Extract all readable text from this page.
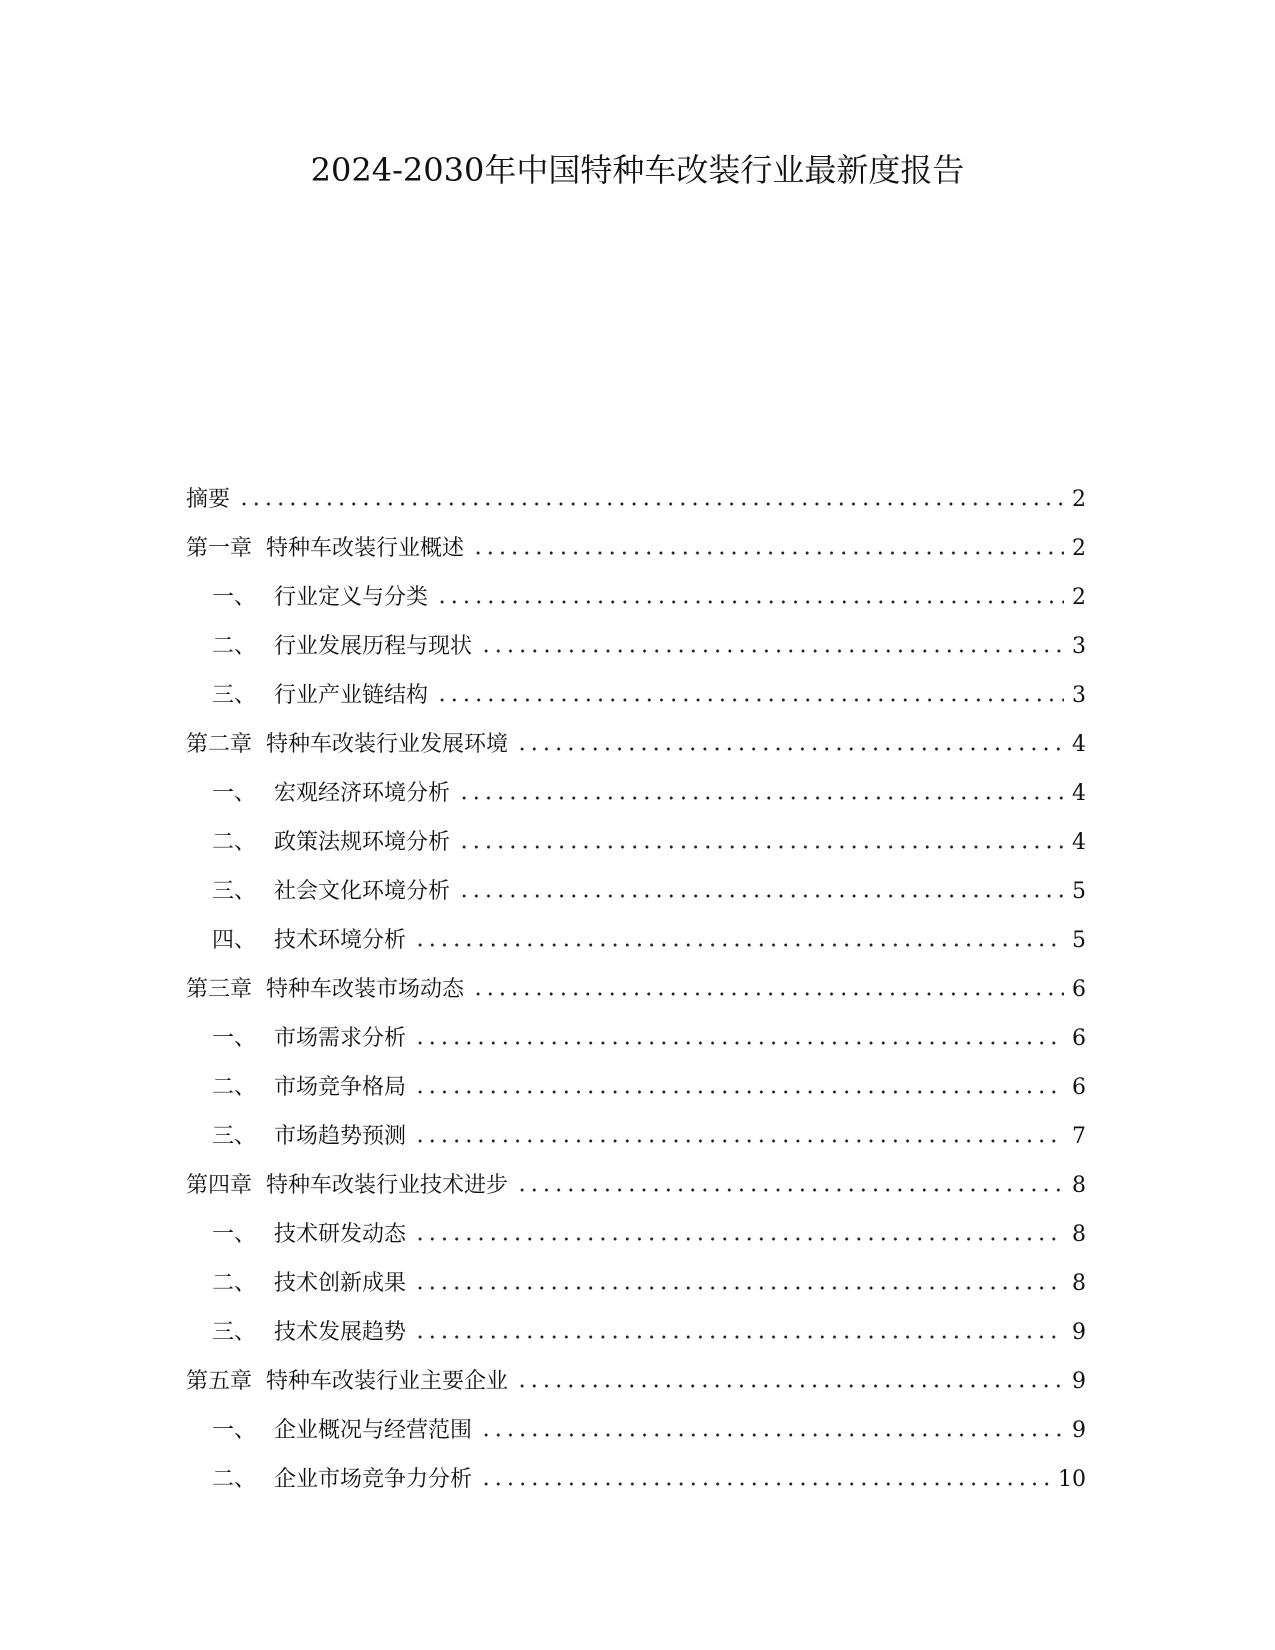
2024-2030年中国特种车改装行业最新度报告
摘要	2
第一章 特种车改装行业概述	2
一、 行业定义与分类	2
二、 行业发展历程与现状	3
三、 行业产业链结构	3
第二章 特种车改装行业发展环境	4
一、 宏观经济环境分析	4
二、 政策法规环境分析	4
三、 社会文化环境分析	5
四、 技术环境分析	5
第三章 特种车改装市场动态	6
一、 市场需求分析	6
二、 市场竞争格局	6
三、 市场趋势预测	7
第四章 特种车改装行业技术进步	8
一、 技术研发动态	8
二、 技术创新成果	8
三、 技术发展趋势	9
第五章 特种车改装行业主要企业	9
一、 企业概况与经营范围	9
二、 企业市场竞争力分析	10
